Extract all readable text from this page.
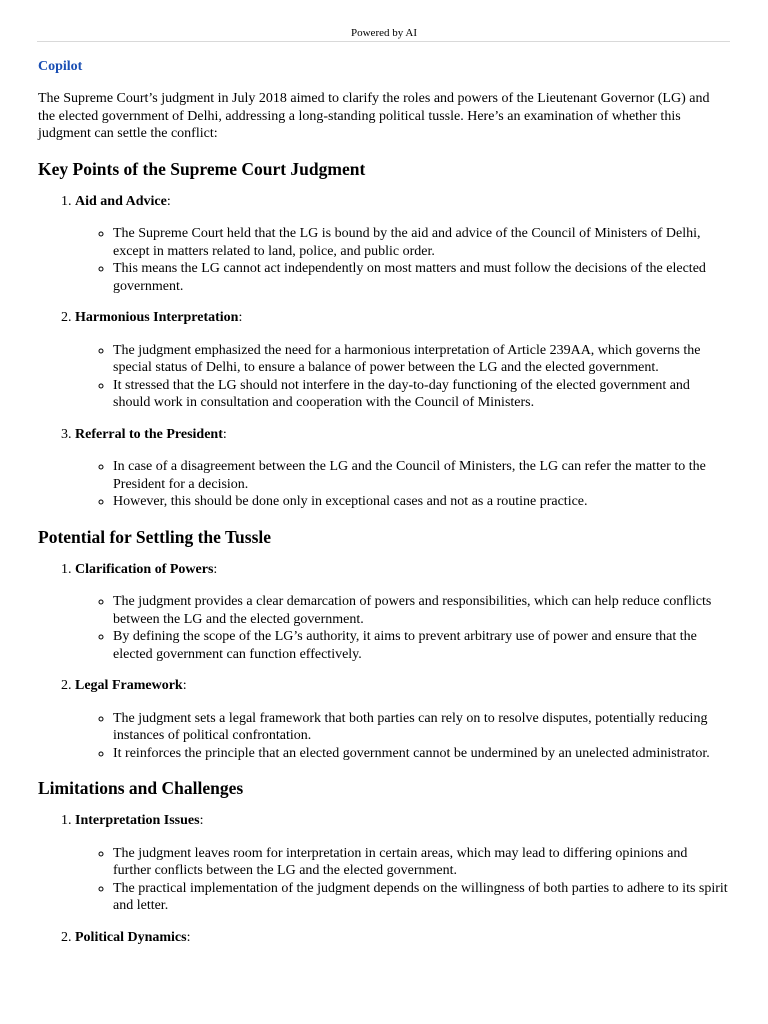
Powered by AI

Copilot

The Supreme Court’s judgment in July 2018 aimed to clarify the roles and powers of the Lieutenant Governor (LG) and the elected government of Delhi, addressing a long-standing political tussle. Here’s an examination of whether this judgment can settle the conflict:

Key Points of the Supreme Court Judgment
1. Aid and Advice:
◦ The Supreme Court held that the LG is bound by the aid and advice of the Council of Ministers of Delhi, except in matters related to land, police, and public order.
◦ This means the LG cannot act independently on most matters and must follow the decisions of the elected government.
2. Harmonious Interpretation:
◦ The judgment emphasized the need for a harmonious interpretation of Article 239AA, which governs the special status of Delhi, to ensure a balance of power between the LG and the elected government.
◦ It stressed that the LG should not interfere in the day-to-day functioning of the elected government and should work in consultation and cooperation with the Council of Ministers.
3. Referral to the President:
◦ In case of a disagreement between the LG and the Council of Ministers, the LG can refer the matter to the President for a decision.
◦ However, this should be done only in exceptional cases and not as a routine practice.
Potential for Settling the Tussle
1. Clarification of Powers:
◦ The judgment provides a clear demarcation of powers and responsibilities, which can help reduce conflicts between the LG and the elected government.
◦ By defining the scope of the LG’s authority, it aims to prevent arbitrary use of power and ensure that the elected government can function effectively.
2. Legal Framework:
◦ The judgment sets a legal framework that both parties can rely on to resolve disputes, potentially reducing instances of political confrontation.
◦ It reinforces the principle that an elected government cannot be undermined by an unelected administrator.
Limitations and Challenges
1. Interpretation Issues:
◦ The judgment leaves room for interpretation in certain areas, which may lead to differing opinions and further conflicts between the LG and the elected government.
◦ The practical implementation of the judgment depends on the willingness of both parties to adhere to its spirit and letter.
2. Political Dynamics:
